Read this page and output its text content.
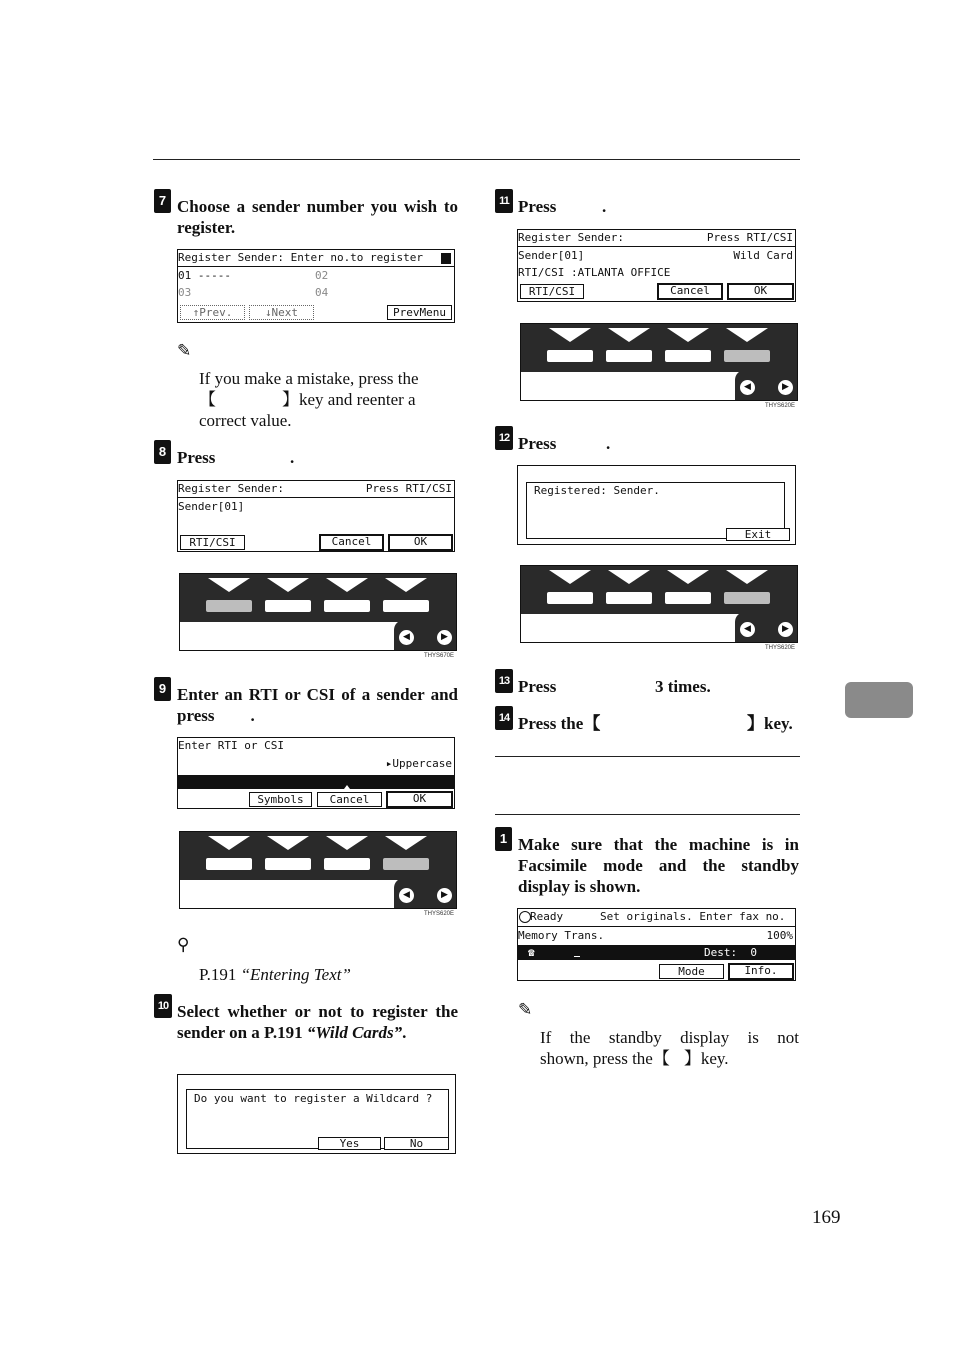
7 Choose a sender number you wish to register.
Register Sender: Enter no.to register
01 -----	02
03	04
↑Prev.	↓Next	PrevMenu
✎
If you make a mistake, press the
【	】key and reenter a
correct value.
8 Press	.
Register Sender:	Press RTI/CSI
Sender[01]
RTI/CSI	Cancel	OK
◀	▶
THYS670E
9 Enter an RTI or CSI of a sender and press .
Enter RTI or CSI
▸Uppercase
Symbols	Cancel	OK
◀	▶
THYS620E
⚲
P.191 “Entering Text”
10 Select whether or not to register the sender on a P.191 “Wild Cards”.
Do you want to register a Wildcard ?
Yes	No
11 Press	.
Register Sender:	Press RTI/CSI
Sender[01]	Wild Card
RTI/CSI :ATLANTA OFFICE
RTI/CSI	Cancel	OK
◀	▶
THYS620E
12 Press	.
Registered: Sender.
Exit
◀	▶
THYS620E
13 Press	3 times.
14 Press the【	】key.
1 Make sure that the machine is in Facsimile mode and the standby display is shown.
Ready	Set originals. Enter fax no.
Memory Trans.	100%
☎	Dest:  0
Mode	Info.
✎
If the standby display is not
shown, press the【 】key.
169
